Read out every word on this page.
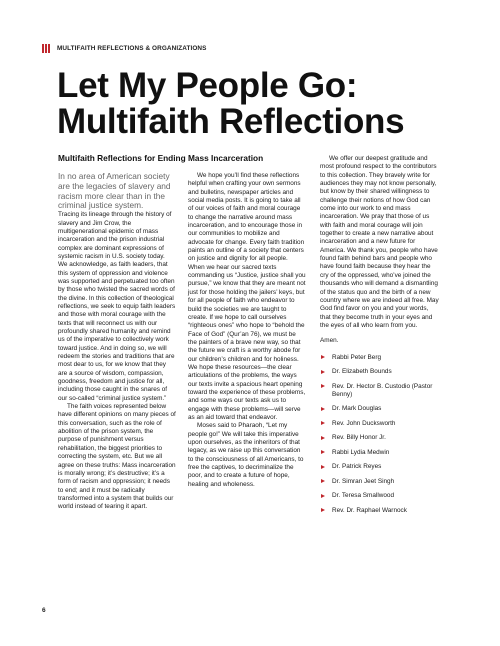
MULTIFAITH REFLECTIONS & ORGANIZATIONS
Let My People Go:
Multifaith Reflections
Multifaith Reflections for Ending Mass Incarceration

In no area of American society are the legacies of slavery and racism more clear than in the criminal justice system.

Tracing its lineage through the history of slavery and Jim Crow, the multigenerational epidemic of mass incarceration and the prison industrial complex are dominant expressions of systemic racism in U.S. society today. We acknowledge, as faith leaders, that this system of oppression and violence was supported and perpetuated too often by those who twisted the sacred words of the divine. In this collection of theological reflections, we seek to equip faith leaders and those with moral courage with the texts that will reconnect us with our profoundly shared humanity and remind us of the imperative to collectively work toward justice. And in doing so, we will redeem the stories and traditions that are most dear to us, for we know that they are a source of wisdom, compassion, goodness, freedom and justice for all, including those caught in the snares of our so-called “criminal justice system.”

The faith voices represented below have different opinions on many pieces of this conversation, such as the role of abolition of the prison system, the purpose of punishment versus rehabilitation, the biggest priorities to correcting the system, etc. But we all agree on these truths: Mass incarceration is morally wrong; it’s destructive; it’s a form of racism and oppression; it needs to end; and it must be radically transformed into a system that builds our world instead of tearing it apart.

We hope you’ll find these reflections helpful when crafting your own sermons and bulletins, newspaper articles and social media posts. It is going to take all of our voices of faith and moral courage to change the narrative around mass incarceration, and to encourage those in our communities to mobilize and advocate for change. Every faith tradition paints an outline of a society that centers on justice and dignity for all people. When we hear our sacred texts commanding us “Justice, justice shall you pursue,” we know that they are meant not just for those holding the jailers’ keys, but for all people of faith who endeavor to build the societies we are taught to create. If we hope to call ourselves “righteous ones” who hope to “behold the Face of God” (Qur’an 76), we must be the painters of a brave new way, so that the future we craft is a worthy abode for our children’s children and for holiness. We hope these resources—the clear articulations of the problems, the ways our texts invite a spacious heart opening toward the experience of these problems, and some ways our texts ask us to engage with these problems—will serve as an aid toward that endeavor.

Moses said to Pharaoh, “Let my people go!” We will take this imperative upon ourselves, as the inheritors of that legacy, as we raise up this conversation to the consciousness of all Americans, to free the captives, to decriminalize the poor, and to create a future of hope, healing and wholeness.

We offer our deepest gratitude and most profound respect to the contributors to this collection. They bravely write for audiences they may not know personally, but know by their shared willingness to challenge their notions of how God can come into our work to end mass incarceration. We pray that those of us with faith and moral courage will join together to create a new narrative about incarceration and a new future for America. We thank you, people who have found faith behind bars and people who have found faith because they hear the cry of the oppressed, who’ve joined the thousands who will demand a dismantling of the status quo and the birth of a new country where we are indeed all free. May God find favor on you and your words, that they become truth in your eyes and the eyes of all who learn from you.

Amen.

Rabbi Peter Berg
Dr. Elizabeth Bounds
Rev. Dr. Hector B. Custodio (Pastor Benny)
Dr. Mark Douglas
Rev. John Ducksworth
Rev. Billy Honor Jr.
Rabbi Lydia Medwin
Dr. Patrick Reyes
Dr. Simran Jeet Singh
Dr. Teresa Smallwood
Rev. Dr. Raphael Warnock
6
